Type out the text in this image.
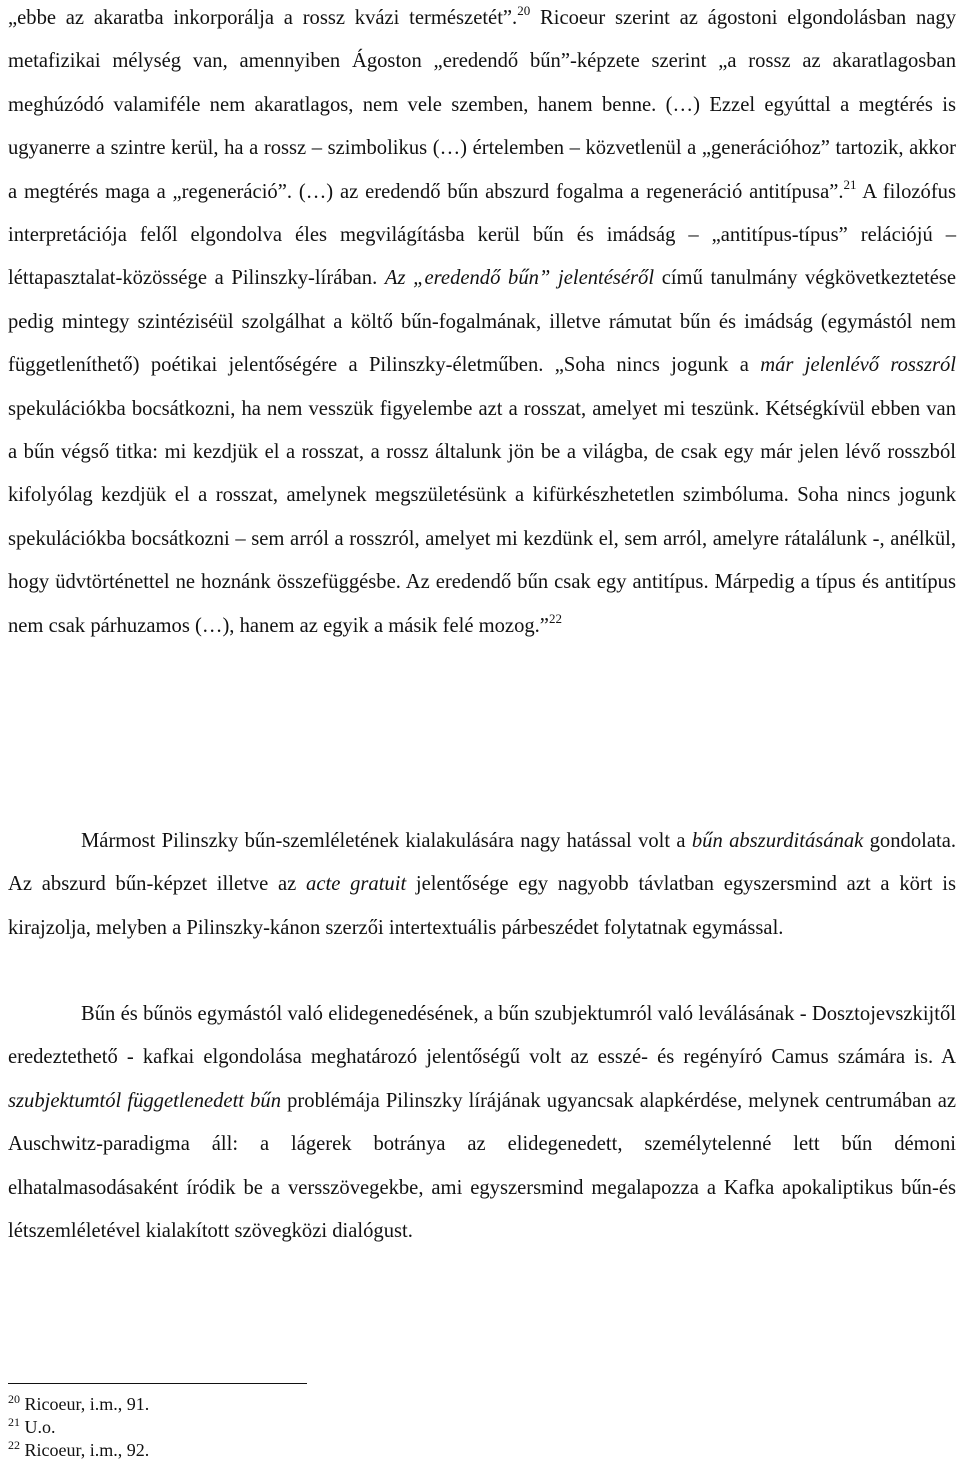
„ebbe az akaratba inkorporálja a rossz kvázi természetét”.$^{20}$ Ricoeur szerint az ágostoni elgondolásban nagy metafizikai mélység van, amennyiben Ágoston „eredendő bűn”-képzete szerint „a rossz az akaratlagosban meghúzódó valamiféle nem akaratlagos, nem vele szemben, hanem benne. (…) Ezzel egyúttal a megtérés is ugyanerre a szintre kerül, ha a rossz – szimbolikus (…) értelemben – közvetlenül a „generációhoz” tartozik, akkor a megtérés maga a „regeneráció”. (…) az eredendő bűn abszurd fogalma a regeneráció antitípusa”.$^{21}$ A filozófus interpretációja felől elgondolva éles megvilágításba kerül bűn és imádság – „antitípus-típus” relációjú – léttapasztalat-közössége a Pilinszky-lírában. Az „eredendő bűn” jelentéséről című tanulmány végkövetkeztetése pedig mintegy szintéziséül szolgálhat a költő bűn-fogalmának, illetve rámutat bűn és imádság (egymástól nem függetleníthető) poétikai jelentőségére a Pilinszky-életműben. „Soha nincs jogunk a már jelenlévő rosszról spekulációkba bocsátkozni, ha nem vesszük figyelembe azt a rosszat, amelyet mi teszünk. Kétségkívül ebben van a bűn végső titka: mi kezdjük el a rosszat, a rossz általunk jön be a világba, de csak egy már jelen lévő rosszból kifolyólag kezdjük el a rosszat, amelynek megszületésünk a kifürkészhetetlen szimbóluma. Soha nincs jogunk spekulációkba bocsátkozni – sem arról a rosszról, amelyet mi kezdünk el, sem arról, amelyre rátalálunk -, anélkül, hogy üdvtörténettel ne hoznánk összefüggésbe. Az eredendő bűn csak egy antitípus. Márpedig a típus és antitípus nem csak párhuzamos (…), hanem az egyik a másik felé mozog.”$^{22}$

Mármost Pilinszky bűn-szemléletének kialakulására nagy hatással volt a bűn abszurditásának gondolata. Az abszurd bűn-képzet illetve az acte gratuit jelentősége egy nagyobb távlatban egyszersmind azt a kört is kirajzolja, melyben a Pilinszky-kánon szerzői intertextuális párbeszédet folytatnak egymással.

Bűn és bűnös egymástól való elidegenedésének, a bűn szubjektumról való leválásának - Dosztojevszkijtől eredeztethető - kafkai elgondolása meghatározó jelentőségű volt az esszé- és regényíró Camus számára is. A szubjektumtól függetlenedett bűn problémája Pilinszky lírájának ugyancsak alapkérdése, melynek centrumában az Auschwitz-paradigma áll: a lágerek botránya az elidegenedett, személytelenné lett bűn démoni elhatalmasodásaként íródik be a versszövegekbe, ami egyszersmind megalapozza a Kafka apokaliptikus bűn-és létszemléletével kialakított szövegközi dialógust.

$^{20}$ Ricoeur, i.m., 91.

$^{21}$ U.o.

$^{22}$ Ricoeur, i.m., 92.
